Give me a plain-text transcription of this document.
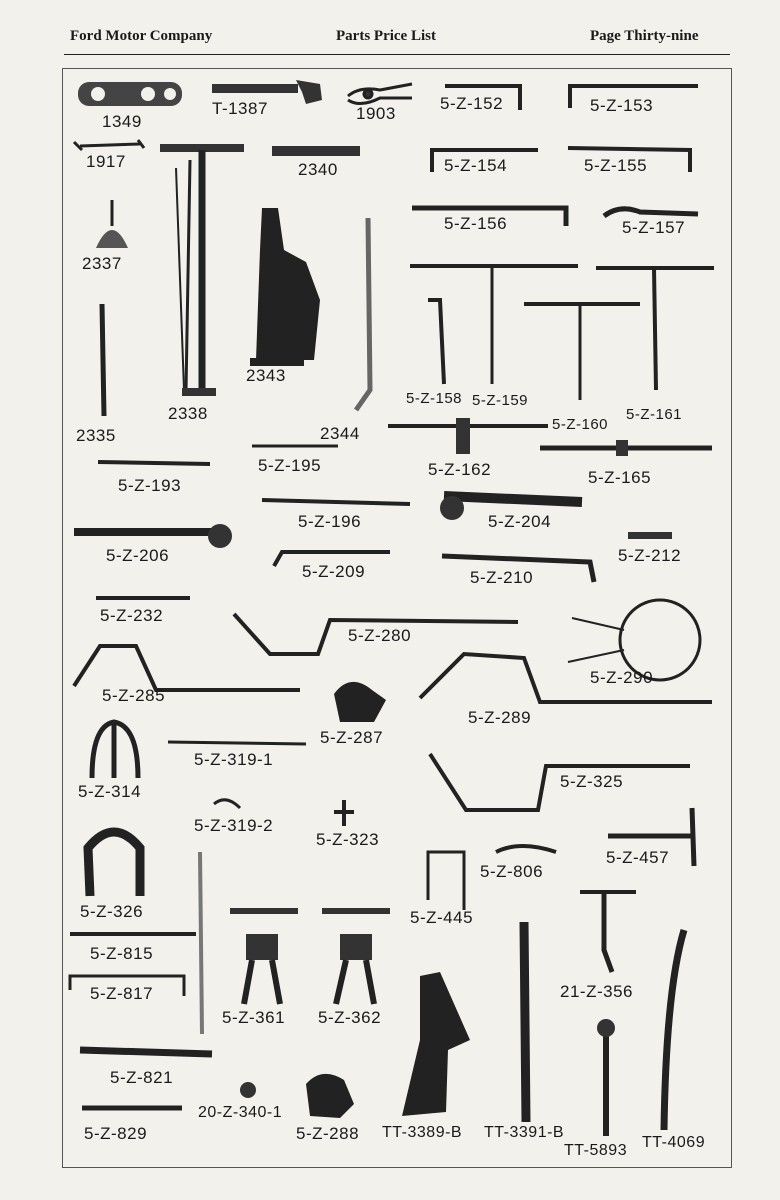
Ford Motor Company	Parts Price List	Page Thirty-nine
1349
T-1387	1903
5-Z-152	5-Z-153
1917	2340	5-Z-154	5-Z-155
2337
5-Z-156	5-Z-157
2343
2338
2335	2344
5-Z-158 5-Z-159
5-Z-160
5-Z-161
5-Z-162	5-Z-165
5-Z-195
5-Z-193
5-Z-196	5-Z-204
5-Z-206
5-Z-209	5-Z-210
5-Z-212
5-Z-232
5-Z-280
5-Z-290
5-Z-285
5-Z-287
5-Z-289
5-Z-314
5-Z-319-1
5-Z-325
5-Z-319-2
5-Z-323
5-Z-457
5-Z-806
5-Z-326	5-Z-445
5-Z-815
5-Z-817	21-Z-356
5-Z-361 5-Z-362
5-Z-821
5-Z-829
20-Z-340-1
5-Z-288 TT-3389-B TT-3391-B
TT-5893 TT-4069
